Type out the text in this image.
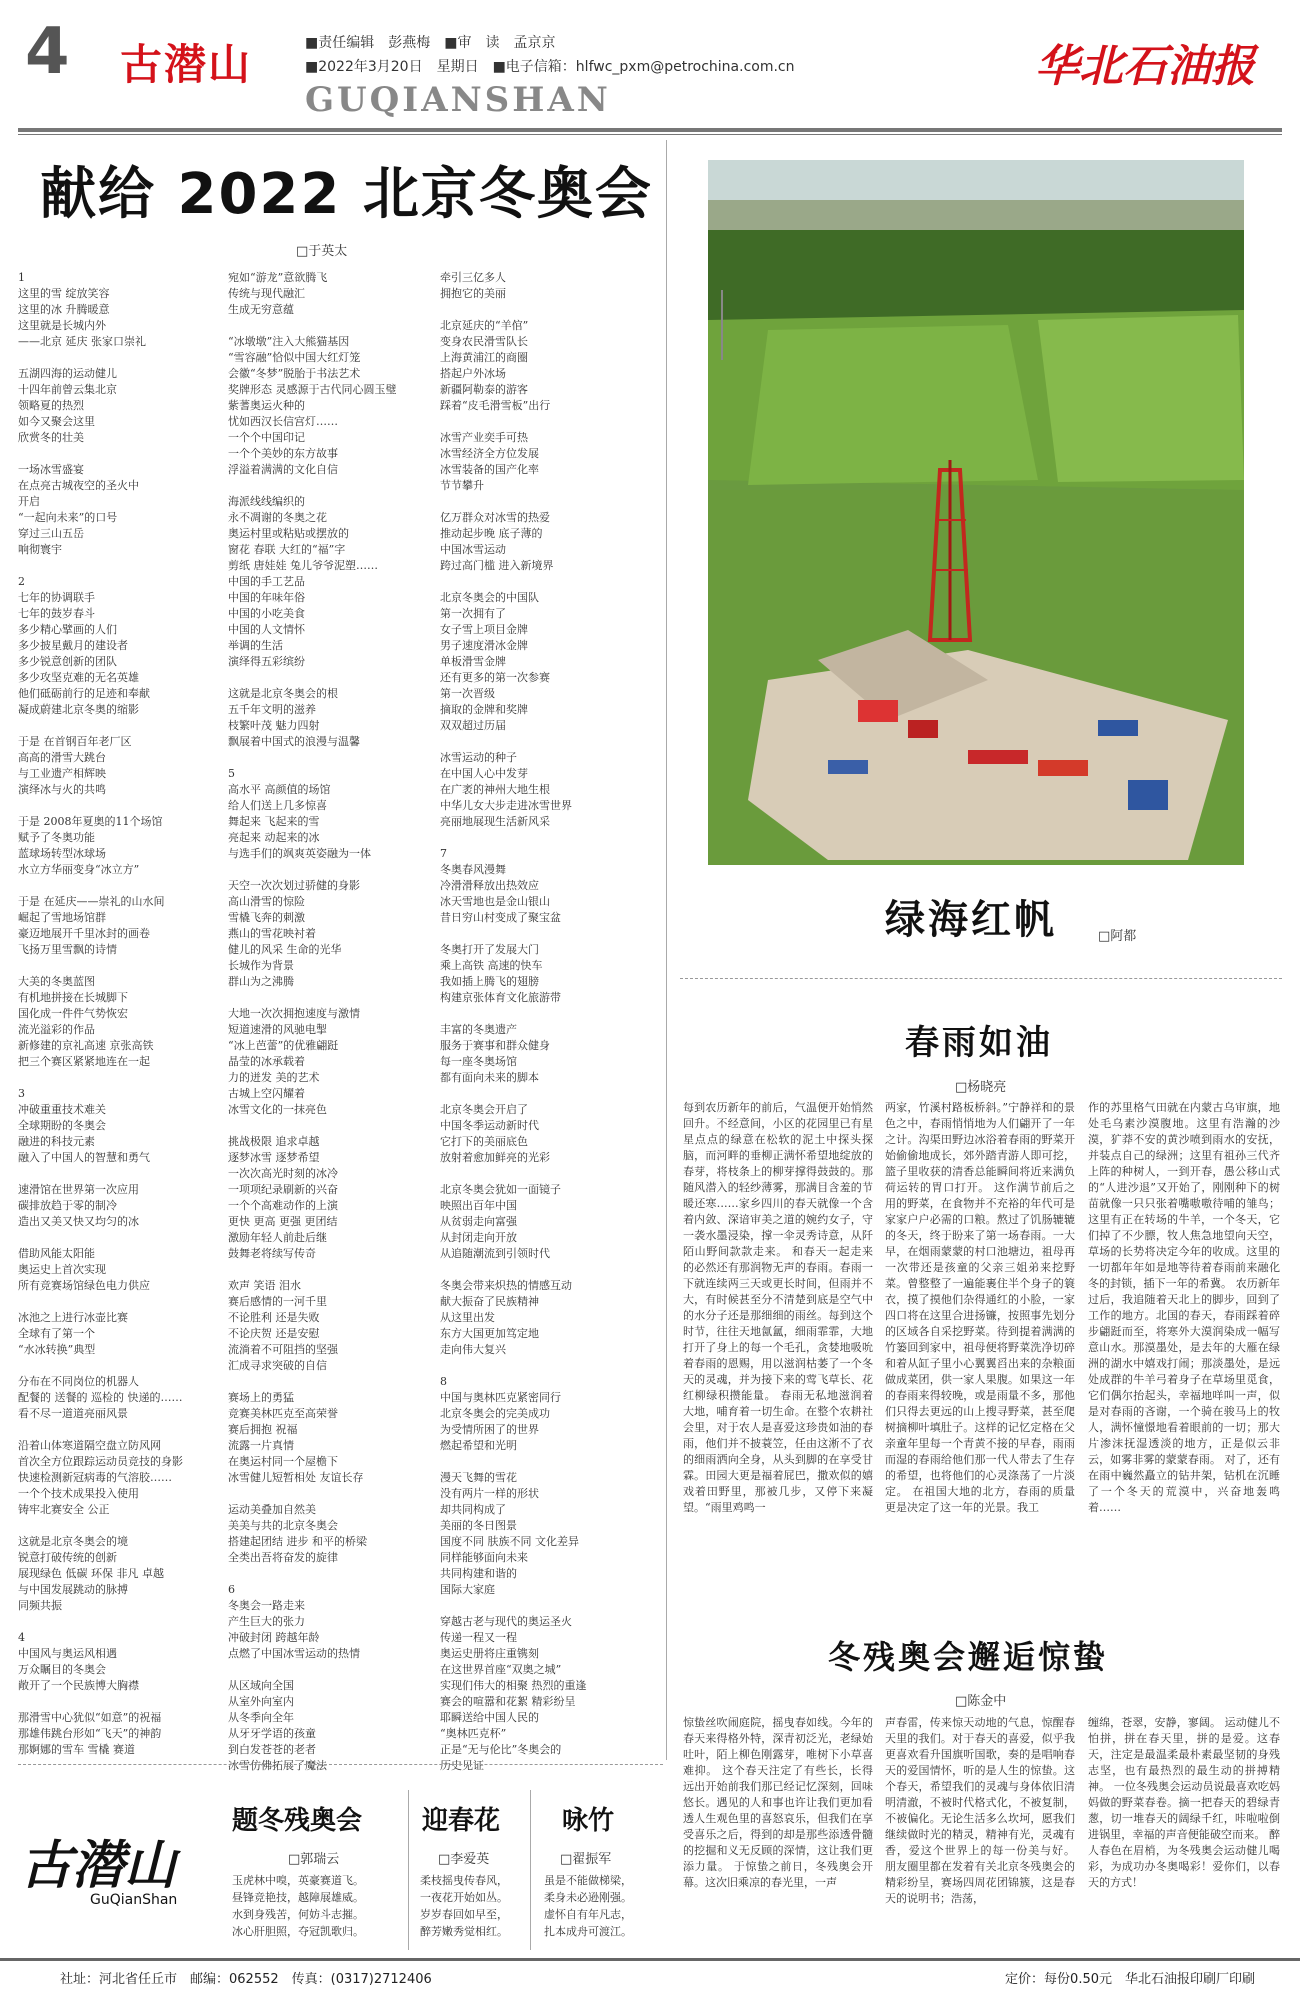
4 古潜山	■责任编辑　彭燕梅　■审　读　孟京京
■2022年3月20日　星期日　■电子信箱：hlfwc_pxm@petrochina.com.cn
GUQIANSHAN
华北石油报
献给 2022 北京冬奥会
□于英太
1
这里的雪 绽放笑容
这里的冰 升腾暖意
这里就是长城内外
——北京 延庆 张家口崇礼

五湖四海的运动健儿
十四年前曾云集北京
领略夏的热烈
如今又聚会这里
欣赏冬的壮美

一场冰雪盛宴
在点亮古城夜空的圣火中
开启
“一起向未来”的口号
穿过三山五岳
响彻寰宇

2
七年的协调联手
七年的鼓岁春斗
多少精心擘画的人们
多少披星戴月的建设者
多少锐意创新的团队
多少攻坚克难的无名英雄
他们砥砺前行的足迹和奉献
凝成蔚建北京冬奥的缩影

于是 在首钢百年老厂区
高高的滑雪大跳台
与工业遗产相辉映
演绎冰与火的共鸣

于是 2008年夏奥的11个场馆
赋予了冬奥功能
蓝球场转型冰球场
水立方华丽变身“冰立方”

于是 在延庆——崇礼的山水间
崛起了雪地场馆群
豪迈地展开千里冰封的画卷
飞扬万里雪飘的诗情

大美的冬奥蓝图
有机地拼接在长城脚下
国化成一件件气势恢宏
流光溢彩的作品
新修建的京礼高速 京张高铁
把三个赛区紧紧地连在一起

3
冲破重重技术难关
全球期盼的冬奥会
融进的科技元素
融入了中国人的智慧和勇气

速滑馆在世界第一次应用
碳排放趋于零的制冷
造出又美又快又均匀的冰

借助风能太阳能
奥运史上首次实现
所有竞赛场馆绿色电力供应

冰池之上进行冰壶比赛
全球有了第一个
“水冰转换”典型

分布在不同岗位的机器人
配餐的 送餐的 巡检的 快递的……
看不尽一道道亮丽风景

沿着山体寒道隔空盘立防风网
首次全方位跟踪运动员竞技的身影
快速检测新冠病毒的气溶胶……
一个个技术成果投入使用
铸牢北赛安全 公正

这就是北京冬奥会的境
锐意打破传统的创新
展现绿色 低碳 环保 非凡 卓越
与中国发展跳动的脉搏
同频共振

4
中国风与奥运风相遇
万众瞩目的冬奥会
敞开了一个民族博大胸襟

那滑雪中心犹似“如意”的祝福
那雄伟跳台形如“飞天”的神韵
那婀娜的雪车 雪橇 赛道
宛如“游龙”意欲腾飞
传统与现代融汇
生成无穷意蕴

“冰墩墩”注入大熊猫基因
“雪容融”恰似中国大红灯笼
会徽“冬梦”脱胎于书法艺术
奖牌形态 灵感源于古代同心圆玉璧
紫蓍奥运火种的
忧如西汉长信宫灯……
一个个中国印记
一个个美妙的东方故事
浮溢着满满的文化自信

海派线线编织的
永不凋谢的冬奥之花
奥运村里或粘贴或摆放的
窗花 春联 大红的“福”字
剪纸 唐娃娃 兔儿爷爷泥塑……
中国的手工艺品
中国的年味年俗
中国的小吃美食
中国的人文情怀
举调的生活
演绎得五彩缤纷

这就是北京冬奥会的根
五千年文明的滋养
枝繁叶茂 魅力四射
飘展着中国式的浪漫与温馨

5
高水平 高颜值的场馆
给人们送上几多惊喜
舞起来 飞起来的雪
亮起来 动起来的冰
与选手们的飒爽英姿融为一体

天空一次次划过骄健的身影
高山滑雪的惊险
雪橇飞奔的刺激
燕山的雪花映衬着
健儿的风采 生命的光华
长城作为背景
群山为之沸腾

大地一次次拥抱速度与激情
短道速滑的风驰电掣
“冰上芭蕾”的优雅翩跹
晶莹的冰承载着
力的迸发 美的艺术
古城上空闪耀着
冰雪文化的一抹亮色

挑战极限 追求卓越
逐梦冰雪 逐梦希望
一次次高光时刻的冰冷
一项项纪录刷新的兴奋
一个个高难动作的上演
更快 更高 更强 更团结
激励年轻人前赴后继
鼓舞老将续写传奇

欢声 笑语 泪水
赛后感情的一河千里
不论胜利 还是失败
不论庆贺 还是安慰
流淌着不可阻挡的坚强
汇成寻求突破的自信

赛场上的勇猛
竞赛美林匹克至高荣誉
赛后拥抱 祝福
流露一片真情
在奥运村同一个屋檐下
冰雪健儿短暂相处 友谊长存

运动美叠加自然美
美美与共的北京冬奥会
搭建起团结 进步 和平的桥梁
全类出吾将奋发的旋律

6
冬奥会一路走来
产生巨大的张力
冲破封闭 跨越年龄
点燃了中国冰雪运动的热情

从区域向全国
从室外向室内
从冬季向全年
从牙牙学语的孩童
到白发苍苍的老者
冰雪仿佛拓展了魔法
牵引三亿多人
拥抱它的美丽

北京延庆的“羊倌”
变身农民滑雪队长
上海黄浦江的商圈
搭起户外冰场
新疆阿勒泰的游客
踩着“皮毛滑雪板”出行

冰雪产业奕手可热
冰雪经济全方位发展
冰雪装备的国产化率
节节攀升

亿万群众对冰雪的热爱
推动起步晚 底子薄的
中国冰雪运动
跨过高门槛 进入新境界

北京冬奥会的中国队
第一次拥有了
女子雪上项目金牌
男子速度滑冰金牌
单板滑雪金牌
还有更多的第一次参赛
第一次晋级
摘取的金牌和奖牌
双双超过历届

冰雪运动的种子
在中国人心中发芽
在广袤的神州大地生根
中华儿女大步走进冰雪世界
亮丽地展现生活新风采

7
冬奥春风漫舞
冷滑滑释放出热效应
冰天雪地也是金山银山
昔日穷山村变成了聚宝盆

冬奥打开了发展大门
乘上高铁 高速的快车
我如插上腾飞的翅膀
构建京张体育文化旅游带

丰富的冬奥遗产
服务于赛事和群众健身
每一座冬奥场馆
都有面向未来的脚本

北京冬奥会开启了
中国冬季运动新时代
它打下的美丽底色
放射着愈加鲜亮的光彩

北京冬奥会犹如一面镜子
映照出百年中国
从贫弱走向富强
从封闭走向开放
从追随潮流到引领时代

冬奥会带来炽热的情感互动
献大振奋了民族精神
从这里出发
东方大国更加笃定地
走向伟大复兴

8
中国与奥林匹克紧密同行
北京冬奥会的完美成功
为受情所困了的世界
燃起希望和光明

漫天飞舞的雪花
没有两片一样的形状
却共同构成了
美丽的冬日图景
国度不同 肤族不同 文化差异
同样能够面向未来
共同构建和谐的
国际大家庭

穿越古老与现代的奥运圣火
传递一程又一程
奥运史册将庄重镌刻
在这世界首座“双奥之城”
实现们伟大的相聚 热烈的重逢
赛会的喧嚣和花絮 精彩纷呈
耶瞬送给中国人民的
“奥林匹克杯”
正是“无与伦比”冬奥会的
历史见证
绿海红帆	□阿都
春雨如油
□杨晓亮
每到农历新年的前后，气温便开始悄然回升。不经意间，小区的花园里已有星星点点的绿意在松软的泥土中探头探脑，而河畔的垂柳正满怀希望地绽放的春芽，将枝条上的柳芽撑得鼓鼓的。那随风潜入的轻纱薄雾，那满目含羞的节暖还寒……家乡四川的春天就像一个含着内敛、深谙审美之道的婉约女子，守一袭水墨浸染，撑一伞灵秀诗意，从阡陌山野间款款走来。 和春天一起走来的必然还有那润物无声的春雨。春雨一下就连续两三天或更长时间，但雨并不大，有时候甚至分不清楚到底是空气中的水分子还是那细细的雨丝。每到这个时节，往往天地氤氲，细雨霏霏，大地打开了身上的每一个毛孔，贪婪地吸吮着春雨的恩赐，用以滋润枯萎了一个冬天的灵魂，并为接下来的莺飞草长、花红柳绿积攒能量。 春雨无私地滋润着大地，哺育着一切生命。在整个农耕社会里，对于农人是喜爱这珍贵如油的春雨，他们并不披蓑笠，任由这淅不了衣的细雨洒向全身，从头到脚的在享受甘霖。田园大更是福着屁巴，撒欢似的嬉戏着田野里，那被几步，又停下来凝望。“雨里鸡鸣一
两家，竹溪村路板桥斜。”宁静祥和的景色之中，春雨悄悄地为人们翩开了一年之计。沟渠田野边冰浴着春雨的野菜开始偷偷地成长，郊外踏青游人即可挖，篮子里收获的清香总能瞬间将近来满负荷运转的胃口打开。 这作满节前后之用的野菜，在食物并不充裕的年代可是家家户户必需的口粮。熬过了饥肠辘辘的冬天，终于盼来了第一场春雨。一大早，在烟雨蒙蒙的村口池塘边，祖母再一次带还是孩童的父亲三姐弟来挖野菜。曾整整了一遍能裹住半个身子的簑衣，摸了摸他们杂得通红的小脸，一家四口将在这里合进扬镰，按照事先划分的区域各自采挖野菜。待到提着满满的竹篓回到家中，祖母便将野菜洗净切碎和着从缸子里小心翼翼舀出来的杂粮面做成菜团，供一家人果腹。如果这一年的春雨来得较晚，或是雨量不多，那他们只得去更远的山上搜寻野菜，甚至爬树摘柳叶填肚子。这样的记忆定格在父亲童年里每一个青黄不接的早春，雨雨而湿的春雨给他们那一代人带去了生存的希望，也将他们的心灵涤荡了一片淡定。 在祖国大地的北方，春雨的质量更是决定了这一年的光景。我工
作的苏里格气田就在内蒙古乌审旗，地处毛乌素沙漠腹地。这里有浩瀚的沙漠，犷莽不安的黄沙喷到雨水的安抚，并装点自己的绿洲；这里有祖孙三代齐上阵的种树人，一到开春，愚公移山式的“人进沙退”又开始了，刚刚种下的树苗就像一只只张着嘴嗷嗷待哺的雏鸟；这里有正在转场的牛羊，一个冬天，它们掉了不少膘，牧人焦急地望向天空，草场的长势将决定今年的收成。这里的一切都年年如是地等待着春雨前来融化冬的封锁，插下一年的希冀。 农历新年过后，我追随着天北上的脚步，回到了工作的地方。北国的春天，春雨踩着碎步翩跹而至，将寒外大漠润染成一幅写意山水。那漠墨处，是去年的大雁在绿洲的湖水中嬉戏打闹；那淡墨处，是远处成群的牛羊弓着身子在草场里觅食，它们偶尔抬起头，幸福地咩叫一声，似是对春雨的吝谢，一个骑在骏马上的牧人，满怀憧憬地看着眼前的一切；那大片渗沫抚湿透淡的地方，正是似云非云，如雾非雾的蒙蒙春雨。 对了，还有在雨中巍然矗立的钻井架，钻机在沉睡了一个冬天的荒漠中，兴奋地轰鸣着……
冬残奥会邂逅惊蛰
□陈金中
惊蛰丝吹闹庭院，摇曳春如线。今年的春天来得格外特，深青初泛光，老绿始吐叶，陌上柳色刚露芽，唯树下小草喜难抑。 这个春天注定了有些长，长得远出开始前我们那已经记忆深刻，回味悠长。遇见的人和事也许让我们更加看透人生观色里的喜怒哀乐，但我们在享受喜乐之后，得到的却是那些添透骨髓的挖掘和义无反顾的深情，这让我们更添力量。 于惊蛰之前日，冬残奥会开幕。这次旧乘凉的春光里，一声
声春雷，传来惊天动地的气息，惊醒春天里的我们。对于春天的喜爱，似乎我更喜欢看升国旗听国歌，奏的是唱响春天的爱国情怀，听的是人生的惊蛰。这个春天，希望我们的灵魂与身体依旧清明清澈，不被时代格式化，不被复制，不被偏化。无论生活多么坎坷，愿我们继续做时光的精灵，精神有光，灵魂有香，爱这个世界上的每一份美与好。 朋友圈里都在发着有关北京冬残奥会的精彩纷呈，赛场四周花团锦簇，这是春天的说明书；浩荡，
缠绵，苍翠，安静，寥阔。 运动健儿不怕拼，拼在春天里，拼的是爱。这春天，注定是最温柔最朴素最坚韧的身残志坚，也有最热烈的最生动的拼搏精神。 一位冬残奥会运动员说最喜欢吃妈妈做的野菜春卷。摘一把春天的碧绿青葱，切一堆春天的阔绿千红，咔啦啦倒进锅里，幸福的声音便能破空而来。 醉人春色在眉梢，为冬残奥会运动健儿喝彩，为成功办冬奥喝彩！爱你们，以春天的方式！
古潜山
GuQianShan
题冬残奥会
□郭瑞云
玉虎林中嗅，英豪赛道飞。
昼锋竞艳技，越障展雄威。
水到身残苦，何妨斗志摧。
冰心肝胆照，夺冠凯歌归。
迎春花
□李爱英
柔枝摇曳传春风，
一夜花开始如丛。
岁岁春回如早至，
醉芳嫩秀觉相红。
咏竹
□翟振军
虽是不能做梯梁，
柔身未必逊刚强。
虚怀自有年凡志，
扎本成舟可渡江。
社址：河北省任丘市　邮编：062552　传真：(0317)2712406	定价：每份0.50元　华北石油报印刷厂印刷
